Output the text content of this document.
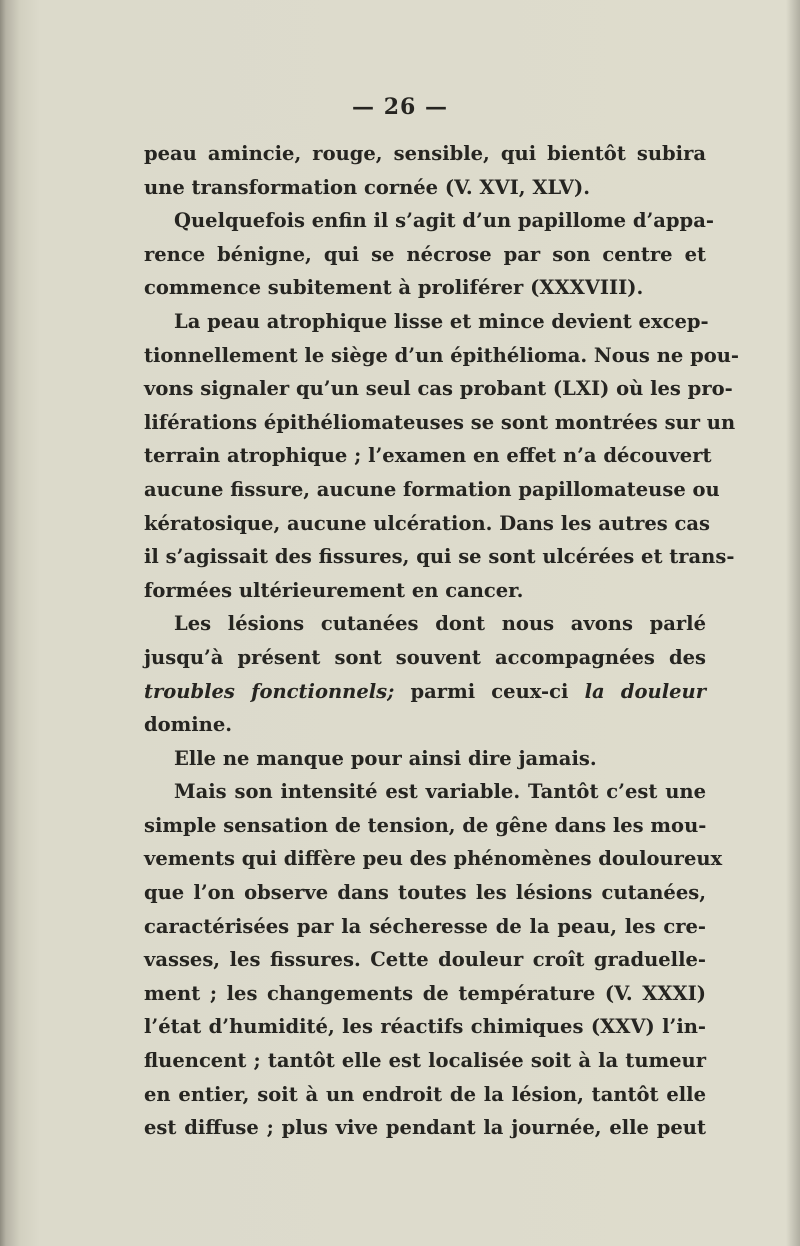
— 26 —
peau amincie, rouge, sensible, qui bientôt subira
une transformation cornée (V. XVI, XLV).
Quelquefois enfin il s’agit d’un papillome d’appa-
rence bénigne, qui se nécrose par son centre et
commence subitement à proliférer (XXXVIII).
La peau atrophique lisse et mince devient excep-
tionnellement le siège d’un épithélioma. Nous ne pou-
vons signaler qu’un seul cas probant (LXI) où les pro-
liférations épithéliomateuses se sont montrées sur un
terrain atrophique ; l’examen en effet n’a découvert
aucune fissure, aucune formation papillomateuse ou
kératosique, aucune ulcération. Dans les autres cas
il s’agissait des fissures, qui se sont ulcérées et trans-
formées ultérieurement en cancer.
Les lésions cutanées dont nous avons parlé
jusqu’à présent sont souvent accompagnées des
troubles fonctionnels; parmi ceux-ci la douleur
domine.
Elle ne manque pour ainsi dire jamais.
Mais son intensité est variable. Tantôt c’est une
simple sensation de tension, de gêne dans les mou-
vements qui diffère peu des phénomènes douloureux
que l’on observe dans toutes les lésions cutanées,
caractérisées par la sécheresse de la peau, les cre-
vasses, les fissures. Cette douleur croît graduelle-
ment ; les changements de température (V. XXXI)
l’état d’humidité, les réactifs chimiques (XXV) l’in-
fluencent ; tantôt elle est localisée soit à la tumeur
en entier, soit à un endroit de la lésion, tantôt elle
est diffuse ; plus vive pendant la journée, elle peut
